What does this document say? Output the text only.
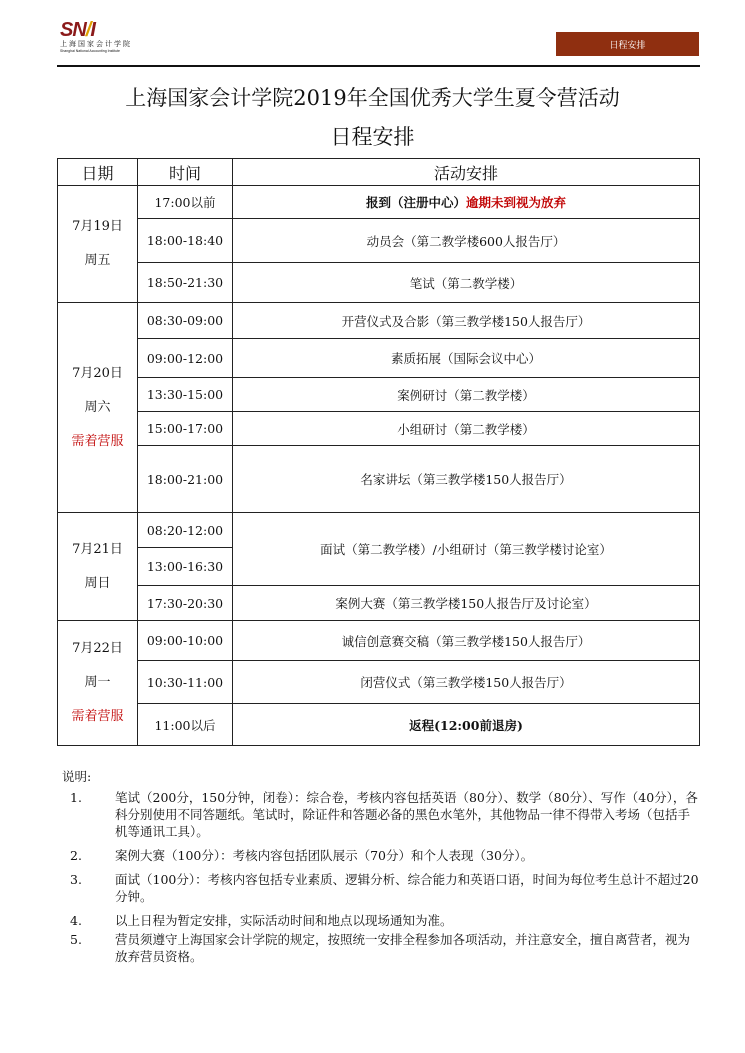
SN/I
上海国家会计学院
Shanghai National Accounting Institute
日程安排
上海国家会计学院2019年全国优秀大学生夏令营活动
日程安排
日期	时间	活动安排

7月19日
周五	17:00以前	报到（注册中心）逾期未到视为放弃
	18:00-18:40	动员会（第二教学楼600人报告厅）
	18:50-21:30	笔试（第二教学楼）

7月20日
周六
需着营服	08:30-09:00	开营仪式及合影（第三教学楼150人报告厅）
	09:00-12:00	素质拓展（国际会议中心）
	13:30-15:00	案例研讨（第二教学楼）
	15:00-17:00	小组研讨（第二教学楼）
	18:00-21:00	名家讲坛（第三教学楼150人报告厅）

7月21日
周日	08:20-12:00	面试（第二教学楼）/小组研讨（第三教学楼讨论室）
	13:00-16:30	
	17:30-20:30	案例大赛（第三教学楼150人报告厅及讨论室）

7月22日
周一
需着营服	09:00-10:00	诚信创意赛交稿（第三教学楼150人报告厅）
	10:30-11:00	闭营仪式（第三教学楼150人报告厅）
	11:00以后	返程(12:00前退房)
说明:
1.	笔试（200分，150分钟，闭卷）：综合卷，考核内容包括英语（80分）、数学（80分）、写作（40分），各科分别使用不同答题纸。笔试时，除证件和答题必备的黑色水笔外，其他物品一律不得带入考场（包括手机等通讯工具）。
2.	案例大赛（100分）：考核内容包括团队展示（70分）和个人表现（30分）。
3.	面试（100分）：考核内容包括专业素质、逻辑分析、综合能力和英语口语，时间为每位考生总计不超过20分钟。
4.	以上日程为暂定安排，实际活动时间和地点以现场通知为准。
5.	营员须遵守上海国家会计学院的规定，按照统一安排全程参加各项活动，并注意安全，擅自离营者，视为放弃营员资格。
